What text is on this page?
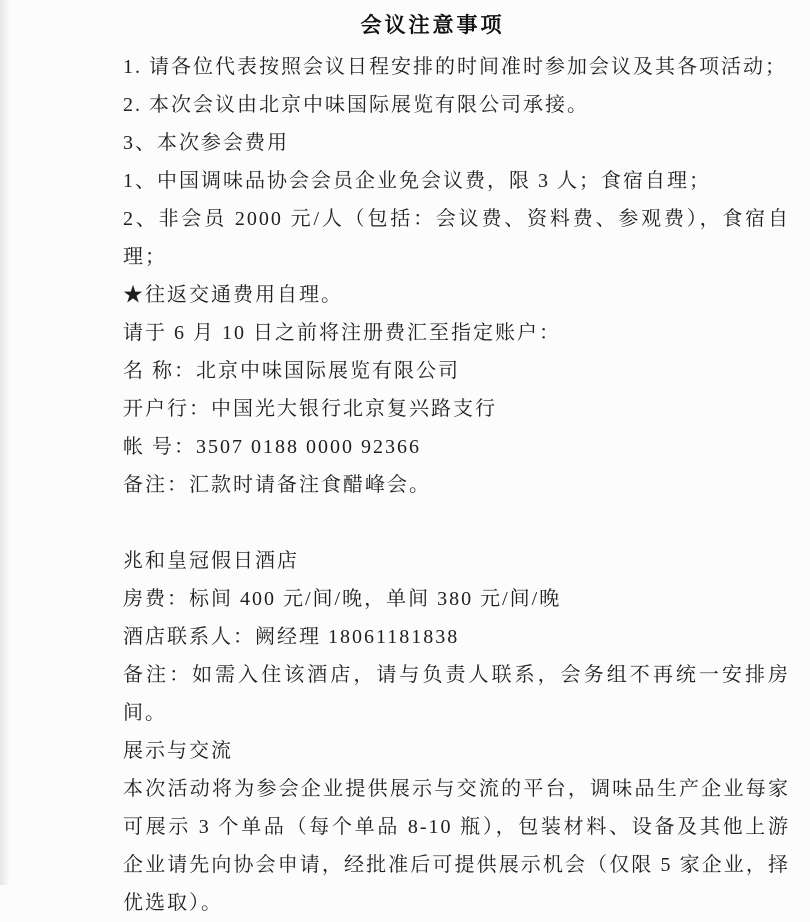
会议注意事项

1. 请各位代表按照会议日程安排的时间准时参加会议及其各项活动；

2. 本次会议由北京中味国际展览有限公司承接。

3、本次参会费用

1、中国调味品协会会员企业免会议费，限 3 人；食宿自理；

2、非会员 2000 元/人（包括：会议费、资料费、参观费），食宿自理；

★往返交通费用自理。

请于 6 月 10 日之前将注册费汇至指定账户：

名 称：北京中味国际展览有限公司

开户行：中国光大银行北京复兴路支行

帐 号：3507 0188 0000 92366

备注：汇款时请备注食醋峰会。

兆和皇冠假日酒店

房费：标间 400 元/间/晚，单间 380 元/间/晚

酒店联系人：阙经理 18061181838

备注：如需入住该酒店，请与负责人联系，会务组不再统一安排房间。

展示与交流

本次活动将为参会企业提供展示与交流的平台，调味品生产企业每家可展示 3 个单品（每个单品 8-10 瓶），包装材料、设备及其他上游企业请先向协会申请，经批准后可提供展示机会（仅限 5 家企业，择优选取）。
